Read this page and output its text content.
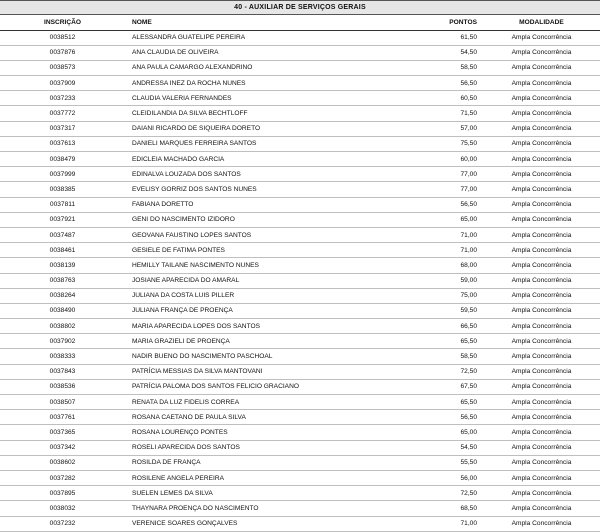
40 - AUXILIAR DE SERVIÇOS GERAIS
INSCRIÇÃO	NOME	PONTOS	MODALIDADE
0038512	ALESSANDRA GUATELIPE PEREIRA	61,50	Ampla Concorrência
0037876	ANA CLAUDIA DE OLIVEIRA	54,50	Ampla Concorrência
0038573	ANA PAULA CAMARGO ALEXANDRINO	58,50	Ampla Concorrência
0037909	ANDRESSA INEZ DA ROCHA NUNES	56,50	Ampla Concorrência
0037233	CLAUDIA VALERIA FERNANDES	60,50	Ampla Concorrência
0037772	CLEIDILANDIA DA SILVA BECHTLOFF	71,50	Ampla Concorrência
0037317	DAIANI RICARDO DE SIQUEIRA DORETO	57,00	Ampla Concorrência
0037613	DANIELI MARQUES FERREIRA SANTOS	75,50	Ampla Concorrência
0038479	EDICLEIA MACHADO GARCIA	60,00	Ampla Concorrência
0037999	EDINALVA LOUZADA DOS SANTOS	77,00	Ampla Concorrência
0038385	EVELISY GORRIZ DOS SANTOS NUNES	77,00	Ampla Concorrência
0037811	FABIANA DORETTO	56,50	Ampla Concorrência
0037921	GENI DO NASCIMENTO IZIDORO	65,00	Ampla Concorrência
0037487	GEOVANA FAUSTINO LOPES SANTOS	71,00	Ampla Concorrência
0038461	GESIELE DE FATIMA PONTES	71,00	Ampla Concorrência
0038139	HEMILLY TAILANE NASCIMENTO NUNES	68,00	Ampla Concorrência
0038763	JOSIANE APARECIDA DO AMARAL	59,00	Ampla Concorrência
0038264	JULIANA DA COSTA LUIS PILLER	75,00	Ampla Concorrência
0038490	JULIANA FRANÇA DE PROENÇA	59,50	Ampla Concorrência
0038802	MARIA APARECIDA LOPES DOS SANTOS	66,50	Ampla Concorrência
0037902	MARIA GRAZIELI DE PROENÇA	65,50	Ampla Concorrência
0038333	NADIR BUENO DO NASCIMENTO PASCHOAL	58,50	Ampla Concorrência
0037843	PATRÍCIA MESSIAS DA SILVA MANTOVANI	72,50	Ampla Concorrência
0038536	PATRÍCIA PALOMA DOS SANTOS FELICIO GRACIANO	67,50	Ampla Concorrência
0038507	RENATA DA LUZ FIDELIS CORREA	65,50	Ampla Concorrência
0037761	ROSANA CAETANO DE PAULA SILVA	56,50	Ampla Concorrência
0037365	ROSANA LOURENÇO PONTES	65,00	Ampla Concorrência
0037342	ROSELI APARECIDA DOS SANTOS	54,50	Ampla Concorrência
0038602	ROSILDA DE FRANÇA	55,50	Ampla Concorrência
0037282	ROSILENE ANGELA PEREIRA	56,00	Ampla Concorrência
0037895	SUELEN LEMES DA SILVA	72,50	Ampla Concorrência
0038032	THAYNARA PROENÇA DO NASCIMENTO	68,50	Ampla Concorrência
0037232	VERENICE SOARES GONÇALVES	71,00	Ampla Concorrência
